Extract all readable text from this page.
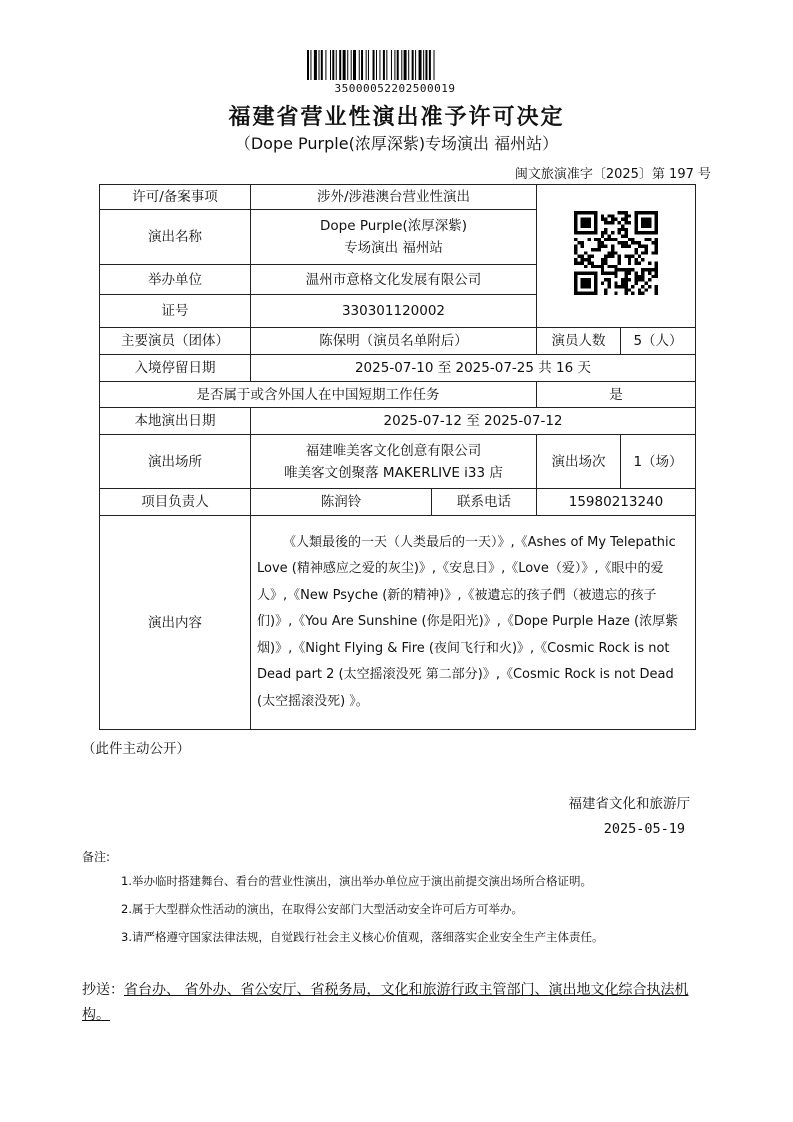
35000052202500019
福建省营业性演出准予许可决定
（Dope Purple(浓厚深紫)专场演出 福州站）
闽文旅演准字〔2025〕第 197 号
许可/备案事项	涉外/涉港澳台营业性演出	
演出名称	Dope Purple(浓厚深紫)
专场演出 福州站			

举办单位	温州市意格文化发展有限公司			
证号	330301120002			
主要演员（团体）	陈保明（演员名单附后）		演员人数	5（人）
入境停留日期	2025-07-10 至 2025-07-25 共 16 天			
是否属于或含外国人在中国短期工作任务			是	
本地演出日期	2025-07-12 至 2025-07-12			
演出场所	福建唯美客文化创意有限公司
唯美客文创聚落 MAKERLIVE i33 店		演出场次	1（场）
项目负责人	陈润铃	联系电话	15980213240	
演出内容	《人類最後的一天（人类最后的一天）》,《Ashes of My Telepathic Love (精神感应之爱的灰尘)》,《安息日》,《Love（爱）》,《眼中的爱人》,《New Psyche (新的精神)》,《被遺忘的孩子們（被遗忘的孩子们)》,《You Are Sunshine (你是阳光)》,《Dope Purple Haze (浓厚紫烟)》,《Night Flying & Fire (夜间飞行和火)》,《Cosmic Rock is not Dead part 2 (太空摇滚没死 第二部分)》,《Cosmic Rock is not Dead (太空摇滚没死) 》。			
（此件主动公开）
福建省文化和旅游厅
2025-05-19
备注:
1.举办临时搭建舞台、看台的营业性演出，演出举办单位应于演出前提交演出场所合格证明。
2.属于大型群众性活动的演出，在取得公安部门大型活动安全许可后方可举办。
3.请严格遵守国家法律法规，自觉践行社会主义核心价值观，落细落实企业安全生产主体责任。
抄送：省台办、 省外办、省公安厅、省税务局，文化和旅游行政主管部门、演出地文化综合执法机构。
